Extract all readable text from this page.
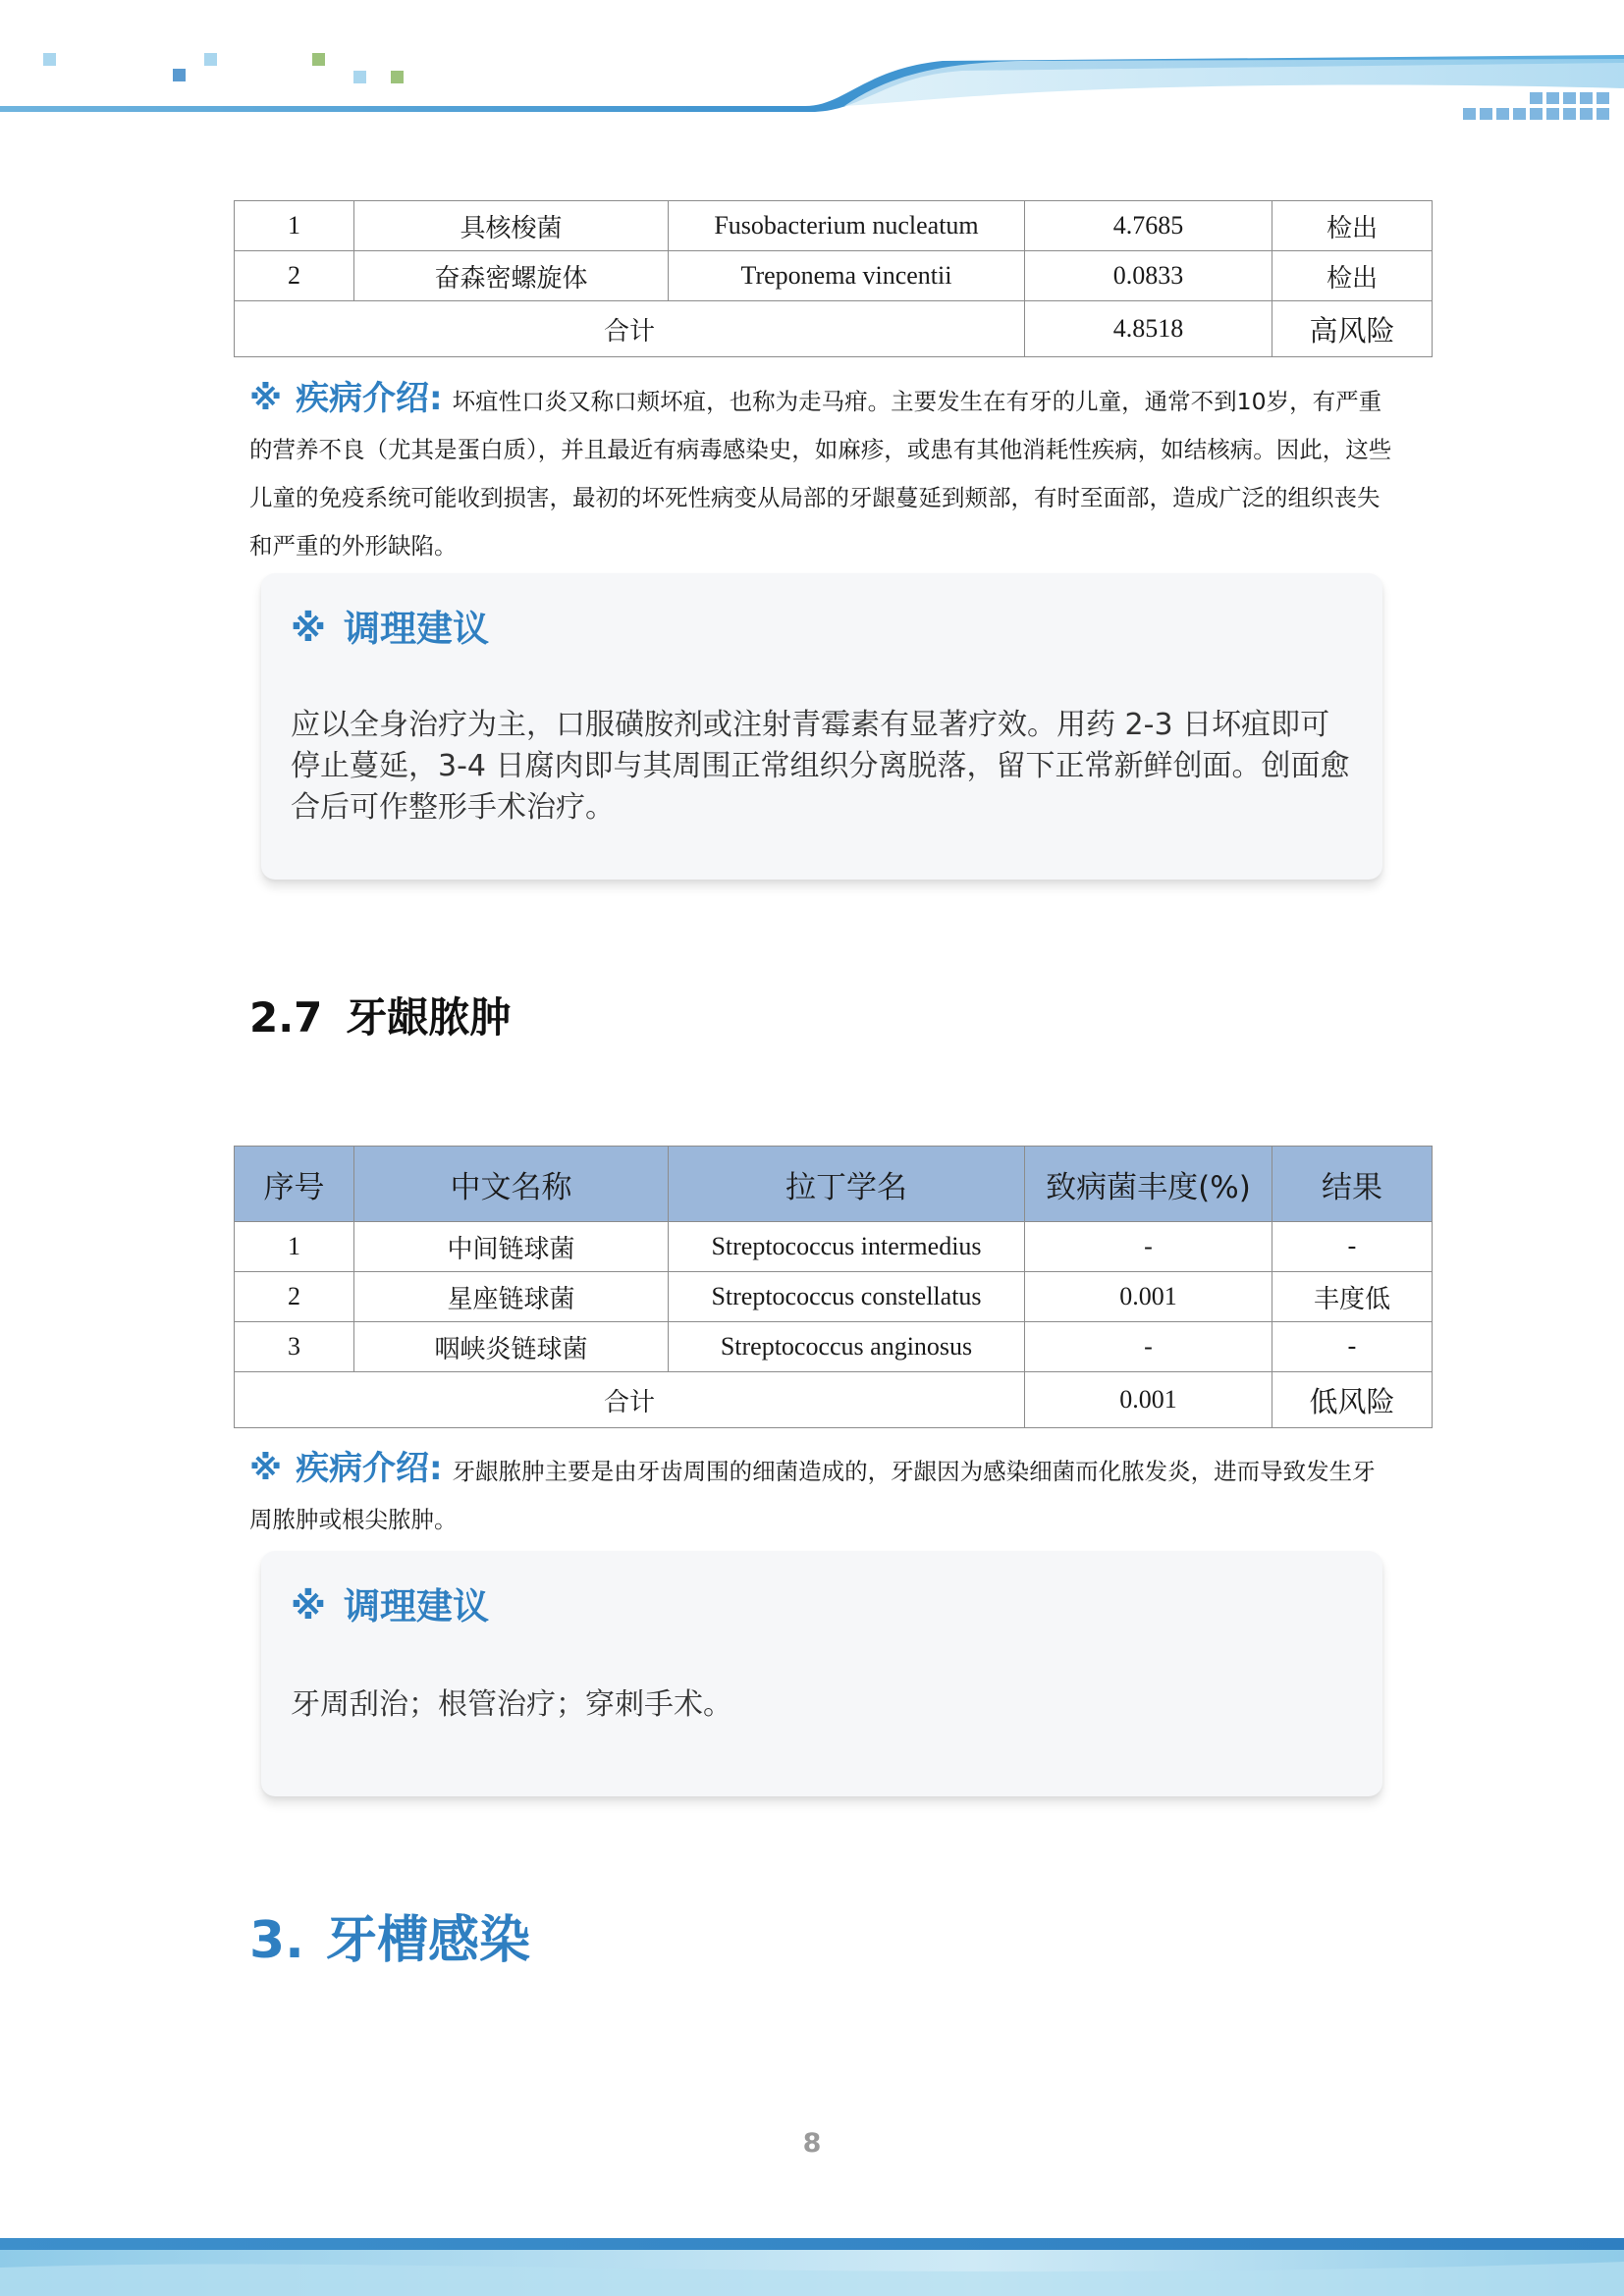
1	具核梭菌	Fusobacterium nucleatum	4.7685	检出
2	奋森密螺旋体	Treponema vincentii	0.0833	检出
合计			4.8518	高风险
※ 疾病介绍: 坏疽性口炎又称口颊坏疽，也称为走马疳。主要发生在有牙的儿童，通常不到10岁，有严重的营养不良（尤其是蛋白质），并且最近有病毒感染史，如麻疹，或患有其他消耗性疾病，如结核病。因此，这些儿童的免疫系统可能收到损害，最初的坏死性病变从局部的牙龈蔓延到颊部，有时至面部，造成广泛的组织丧失和严重的外形缺陷。
※ 调理建议
应以全身治疗为主，口服磺胺剂或注射青霉素有显著疗效。用药 2-3 日坏疽即可停止蔓延，3-4 日腐肉即与其周围正常组织分离脱落，留下正常新鲜创面。创面愈合后可作整形手术治疗。
2.7 牙龈脓肿
序号	中文名称	拉丁学名	致病菌丰度(%)	结果
1	中间链球菌	Streptococcus intermedius	-	-
2	星座链球菌	Streptococcus constellatus	0.001	丰度低
3	咽峡炎链球菌	Streptococcus anginosus	-	-
合计			0.001	低风险
※ 疾病介绍: 牙龈脓肿主要是由牙齿周围的细菌造成的，牙龈因为感染细菌而化脓发炎，进而导致发生牙周脓肿或根尖脓肿。
※ 调理建议
牙周刮治；根管治疗；穿刺手术。
3. 牙槽感染
8
